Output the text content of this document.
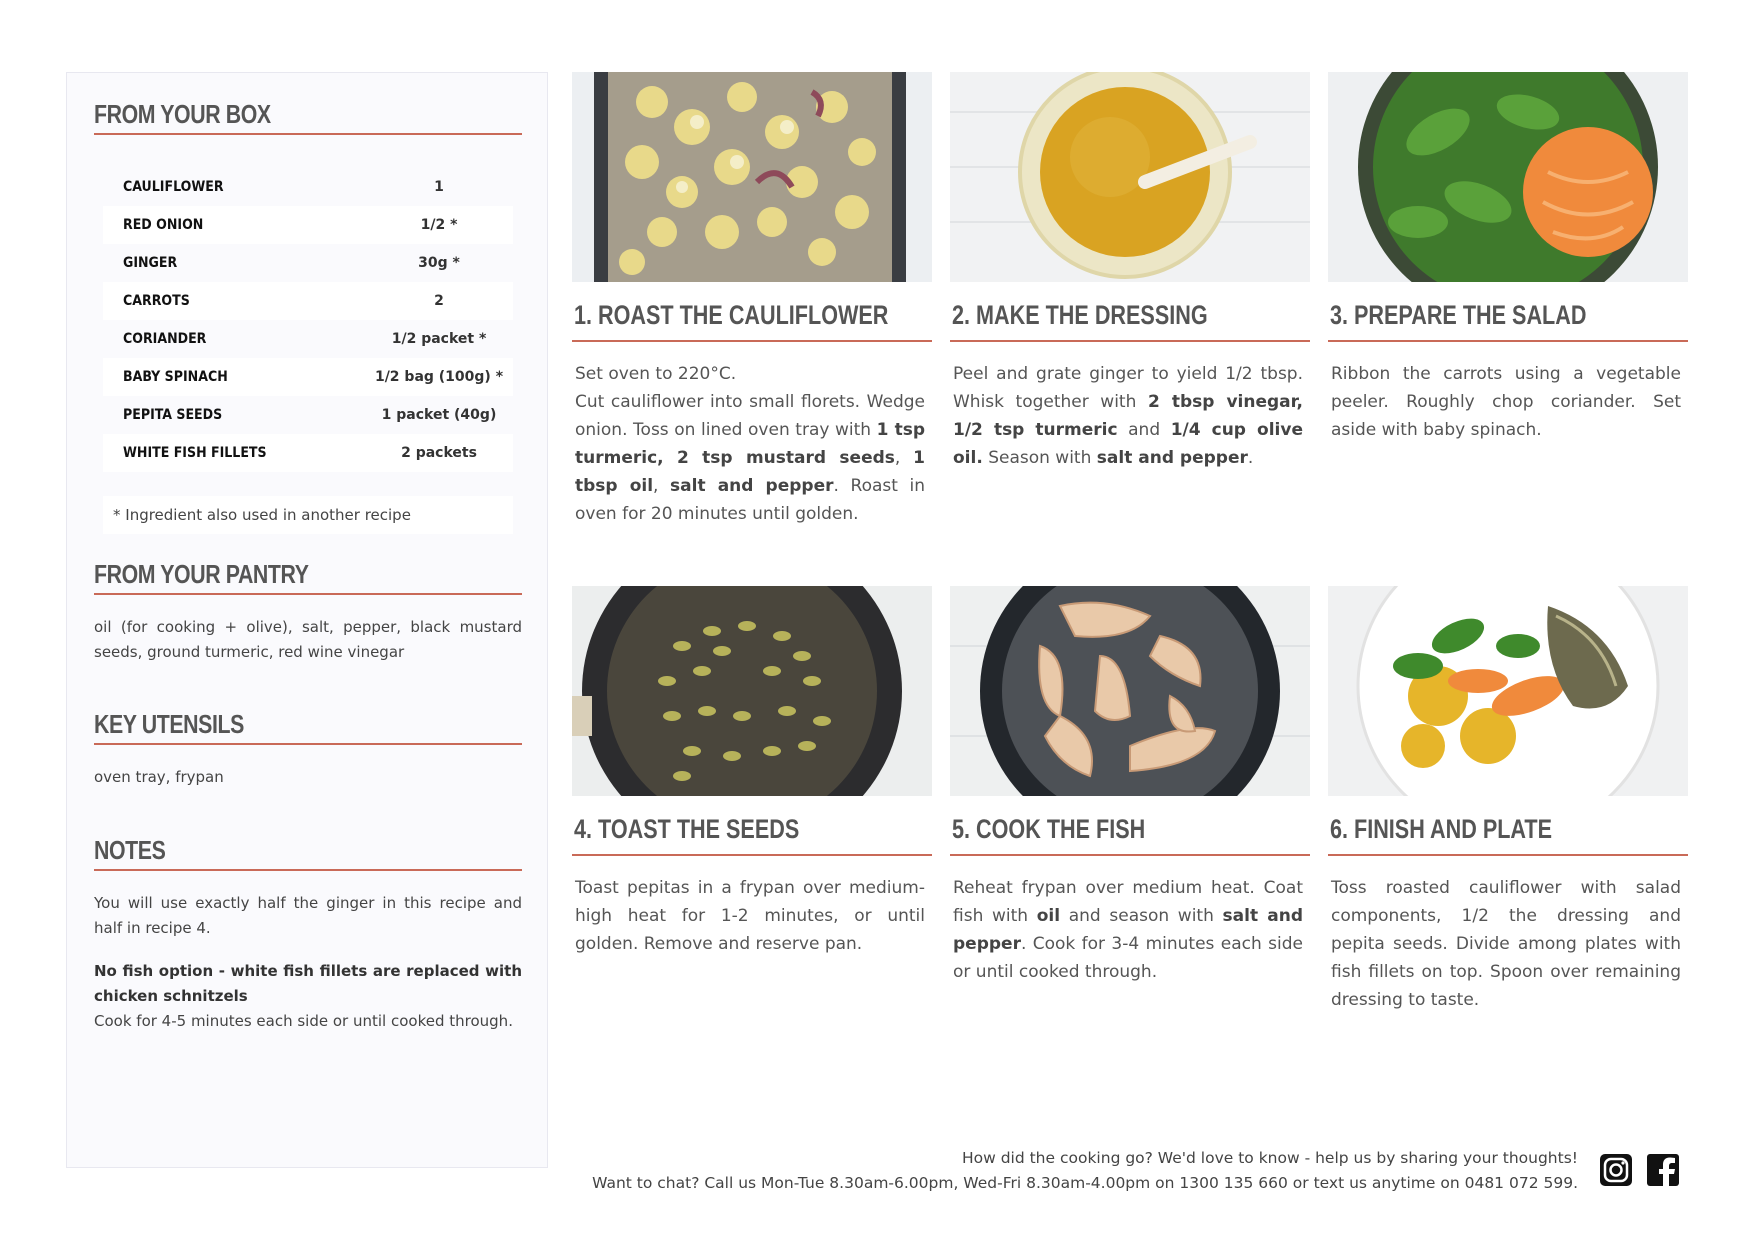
FROM YOUR BOX
CAULIFLOWER	1
RED ONION	1/2 *
GINGER	30g *
CARROTS	2
CORIANDER	1/2 packet *
BABY SPINACH	1/2 bag (100g) *
PEPITA SEEDS	1 packet (40g)
WHITE FISH FILLETS	2 packets
* Ingredient also used in another recipe
FROM YOUR PANTRY

oil (for cooking + olive), salt, pepper, black mustard seeds, ground turmeric, red wine vinegar

KEY UTENSILS

oven tray, frypan

NOTES

You will use exactly half the ginger in this recipe and half in recipe 4.

No fish option - white fish fillets are replaced with chicken schnitzels
Cook for 4-5 minutes each side or until cooked through.

1. ROAST THE CAULIFLOWER

Set oven to 220°C.
Cut cauliflower into small florets. Wedge onion. Toss on lined oven tray with 1 tsp turmeric, 2 tsp mustard seeds, 1 tbsp oil, salt and pepper. Roast in oven for 20 minutes until golden.

2. MAKE THE DRESSING

Peel and grate ginger to yield 1/2 tbsp. Whisk together with 2 tbsp vinegar, 1/2 tsp turmeric and 1/4 cup olive oil. Season with salt and pepper.

3. PREPARE THE SALAD

Ribbon the carrots using a vegetable peeler. Roughly chop coriander. Set aside with baby spinach.

4. TOAST THE SEEDS

Toast pepitas in a frypan over medium-high heat for 1-2 minutes, or until golden. Remove and reserve pan.

5. COOK THE FISH

Reheat frypan over medium heat. Coat fish with oil and season with salt and pepper. Cook for 3-4 minutes each side or until cooked through.

6. FINISH AND PLATE

Toss roasted cauliflower with salad components, 1/2 the dressing and pepita seeds. Divide among plates with fish fillets on top. Spoon over remaining dressing to taste.

How did the cooking go? We'd love to know - help us by sharing your thoughts!
Want to chat? Call us Mon-Tue 8.30am-6.00pm, Wed-Fri 8.30am-4.00pm on 1300 135 660 or text us anytime on 0481 072 599.
